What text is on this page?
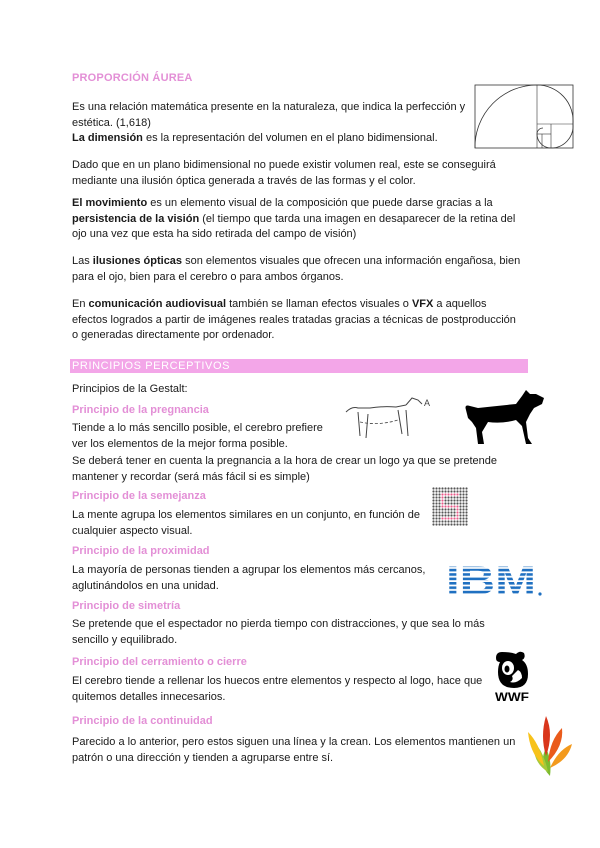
PROPORCIÓN ÁUREA
Es una relación matemática presente en la naturaleza, que indica la perfección y estética. (1,618)
La dimensión es la representación del volumen en el plano bidimensional.
Dado que en un plano bidimensional no puede existir volumen real, este se conseguirá mediante una ilusión óptica generada a través de las formas y el color.
El movimiento es un elemento visual de la composición que puede darse gracias a la persistencia de la visión (el tiempo que tarda una imagen en desaparecer de la retina del ojo una vez que esta ha sido retirada del campo de visión)
Las ilusiones ópticas son elementos visuales que ofrecen una información engañosa, bien para el ojo, bien para el cerebro o para ambos órganos.
En comunicación audiovisual también se llaman efectos visuales o VFX a aquellos efectos logrados a partir de imágenes reales tratadas gracias a técnicas de postproducción o generadas directamente por ordenador.
PRINCIPIOS PERCEPTIVOS
Principios de la Gestalt:
Principio de la pregnancia
Tiende a lo más sencillo posible, el cerebro prefiere
ver los elementos de la mejor forma posible.
A
Se deberá tener en cuenta la pregnancia a la hora de crear un logo ya que se pretende mantener y recordar (será más fácil si es simple)
Principio de la semejanza
La mente agrupa los elementos similares en un conjunto, en función de cualquier aspecto visual.
Principio de la proximidad
La mayoría de personas tienden a agrupar los elementos más cercanos, aglutinándolos en una unidad.	IBM
Principio de simetría
Se pretende que el espectador no pierda tiempo con distracciones, y que sea lo más sencillo y equilibrado.
Principio del cerramiento o cierre
El cerebro tiende a rellenar los huecos entre elementos y respecto al logo, hace que quitemos detalles innecesarios.	WWF
Principio de la continuidad
Parecido a lo anterior, pero estos siguen una línea y la crean. Los elementos mantienen un patrón o una dirección y tienden a agruparse entre sí.
